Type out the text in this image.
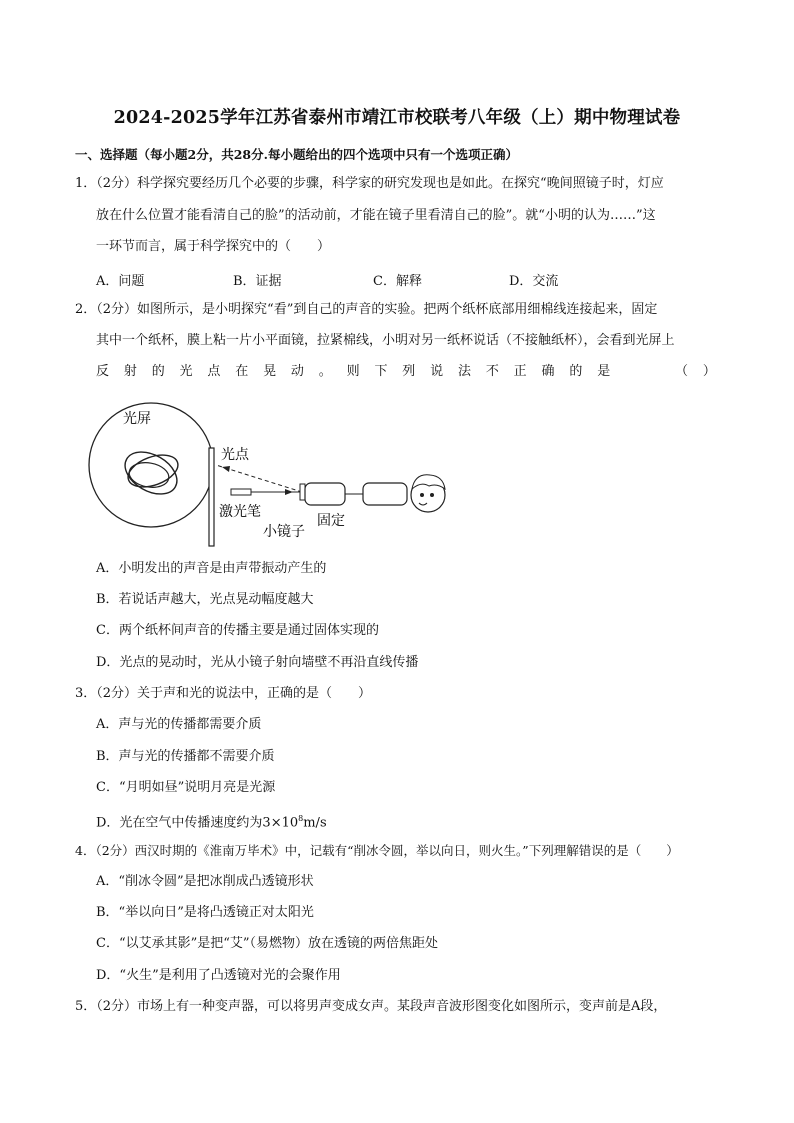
2024-2025学年江苏省泰州市靖江市校联考八年级（上）期中物理试卷
一、选择题（每小题2分，共28分.每小题给出的四个选项中只有一个选项正确）
1．（2分）科学探究要经历几个必要的步骤，科学家的研究发现也是如此。在探究“晚间照镜子时，灯应
放在什么位置才能看清自己的脸”的活动前，才能在镜子里看清自己的脸”。就“小明的认为……”这
一环节而言，属于科学探究中的（　　）
A．问题	B．证据	C．解释	D．交流
2．（2分）如图所示，是小明探究“看”到自己的声音的实验。把两个纸杯底部用细棉线连接起来，固定
其中一个纸杯，膜上粘一片小平面镜，拉紧棉线，小明对另一纸杯说话（不接触纸杯），会看到光屏上
反 射 的 光 点 在 晃 动 。 则 下 列 说 法 不 正 确 的 是	（ ）
光屏
光点
激光笔
小镜子
固定
A．小明发出的声音是由声带振动产生的
B．若说话声越大，光点晃动幅度越大
C．两个纸杯间声音的传播主要是通过固体实现的
D．光点的晃动时，光从小镜子射向墙壁不再沿直线传播
3．（2分）关于声和光的说法中，正确的是（　　）
A．声与光的传播都需要介质
B．声与光的传播都不需要介质
C．“月明如昼”说明月亮是光源
D．光在空气中传播速度约为$3\times 10^8m/s$
4．（2分）西汉时期的《淮南万毕术》中，记载有“削冰令圆，举以向日，则火生。”下列理解错误的是（　　）
A．“削冰令圆”是把冰削成凸透镜形状
B．“举以向日”是将凸透镜正对太阳光
C．“以艾承其影”是把“艾”（易燃物）放在透镜的两倍焦距处
D．“火生”是利用了凸透镜对光的会聚作用
5．（2分）市场上有一种变声器，可以将男声变成女声。某段声音波形图变化如图所示，变声前是A段，
